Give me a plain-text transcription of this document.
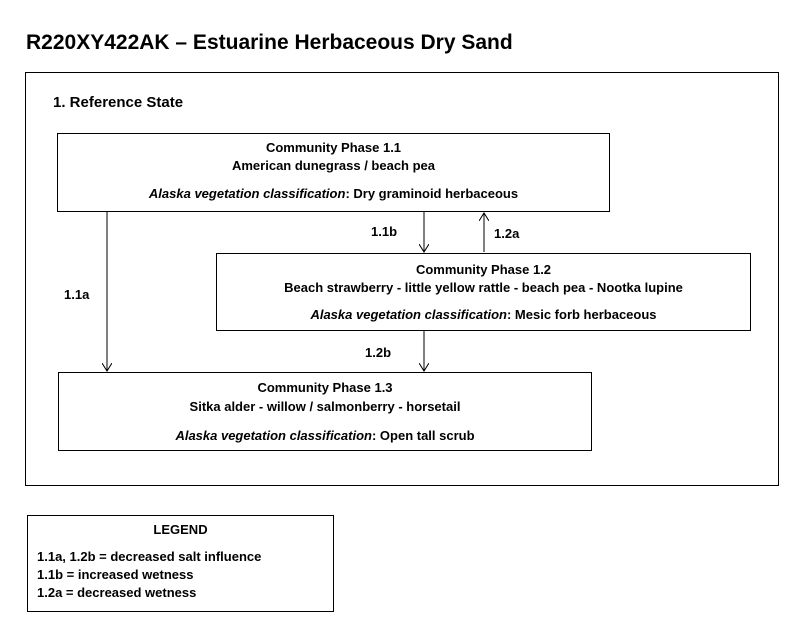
R220XY422AK – Estuarine Herbaceous Dry Sand
1. Reference State
Community Phase 1.1
American dunegrass / beach pea
Alaska vegetation classification: Dry graminoid herbaceous
Community Phase 1.2
Beach strawberry - little yellow rattle - beach pea - Nootka lupine
Alaska vegetation classification: Mesic forb herbaceous
Community Phase 1.3
Sitka alder - willow / salmonberry - horsetail
Alaska vegetation classification: Open tall scrub
1.1a
1.1b	1.2a
1.2b
LEGEND
1.1a, 1.2b = decreased salt influence
1.1b = increased wetness
1.2a = decreased wetness
